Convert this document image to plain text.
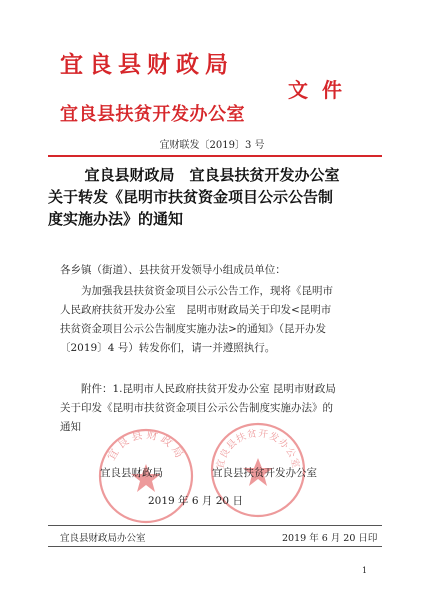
宜良县财政局
文件
宜良县扶贫开发办公室
宜财联发〔2019〕3 号
宜良县财政局　宜良县扶贫开发办公室
关于转发《昆明市扶贫资金项目公示公告制
度实施办法》的通知
各乡镇（街道）、县扶贫开发领导小组成员单位：
为加强我县扶贫资金项目公示公告工作，现将《昆明市
人民政府扶贫开发办公室　昆明市财政局关于印发<昆明市
扶贫资金项目公示公告制度实施办法>的通知》（昆开办发
〔2019〕4 号）转发你们，请一并遵照执行。
附件：1.昆明市人民政府扶贫开发办公室 昆明市财政局
关于印发《昆明市扶贫资金项目公示公告制度实施办法》的
通知
宜良县财政局
宜良县扶贫开发办公室
宜良县财政局	宜良县扶贫开发办公室
2019 年 6 月 20 日
宜良县财政局办公室	2019 年 6 月 20 日印
1
